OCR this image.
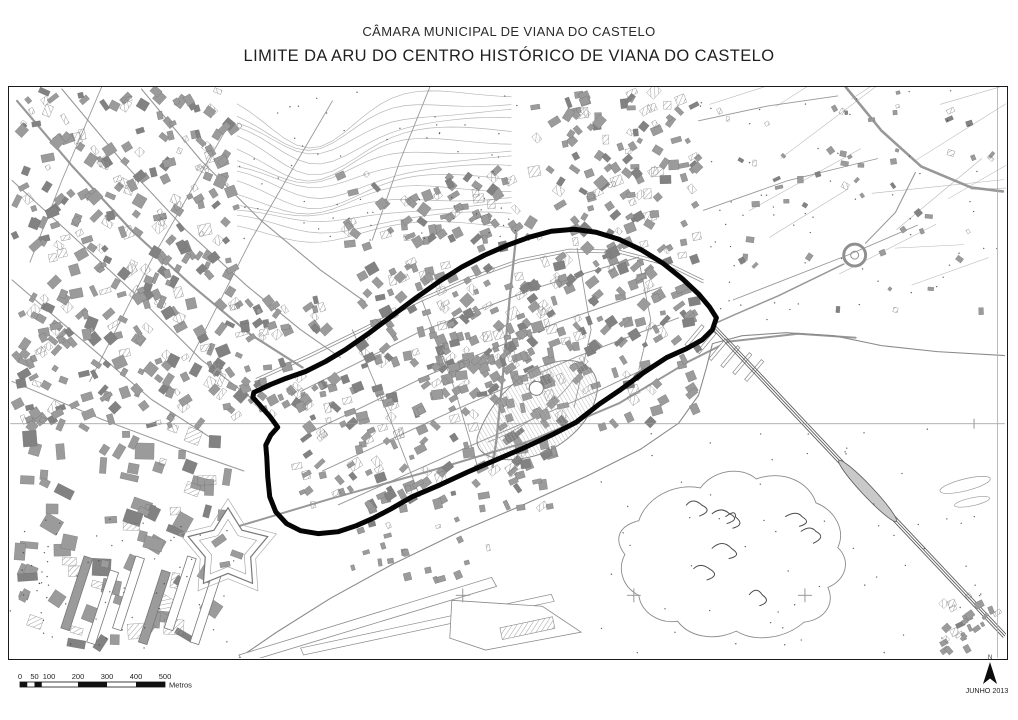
CÂMARA MUNICIPAL DE VIANA DO CASTELO
LIMITE DA ARU DO CENTRO HISTÓRICO DE VIANA DO CASTELO
0 50 100 200 300 400 500
Metros
N
JUNHO 2013
